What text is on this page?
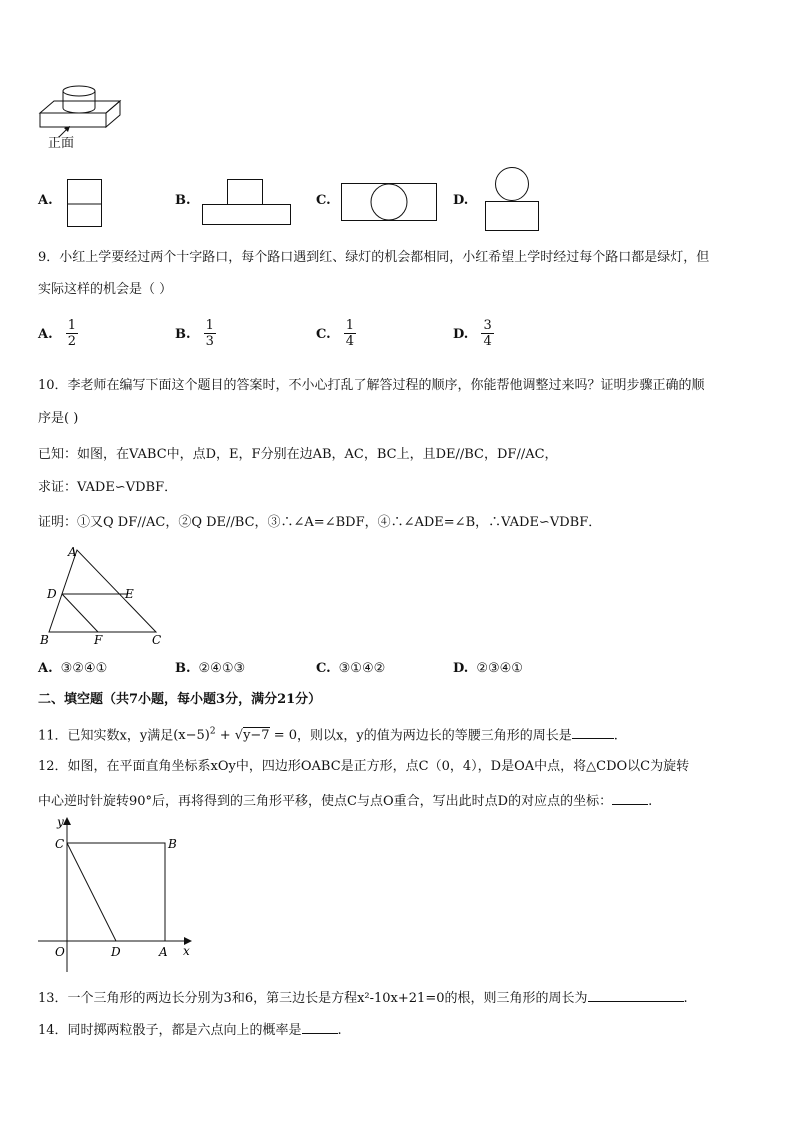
正面
A.	B.	C.	D.
9．小红上学要经过两个十字路口，每个路口遇到红、绿灯的机会都相同，小红希望上学时经过每个路口都是绿灯，但
实际这样的机会是（ ）
A. $\frac{1}{2}$	B. $\frac{1}{3}$	C. $\frac{1}{4}$	D. $\frac{3}{4}$
10．李老师在编写下面这个题目的答案时，不小心打乱了解答过程的顺序，你能帮他调整过来吗？证明步骤正确的顺
序是( )
已知：如图，在VABC中，点D，E，F分别在边AB，AC，BC上，且DE//BC，DF//AC，
求证：VADE∽VDBF．
证明：①又Q DF//AC，②Q DE//BC，③∴∠A=∠BDF，④∴∠ADE=∠B，∴VADE∽VDBF．
A
D	E
B	F	C
A. ③②④①	B. ②④①③	C. ③①④②	D. ②③④①
二、填空题（共7小题，每小题3分，满分21分）
11．已知实数x，y满足$(x-5)^2 + √y-7 = 0$，则以x，y的值为两边长的等腰三角形的周长是	.
12．如图，在平面直角坐标系xOy中，四边形OABC是正方形，点C（0，4），D是OA中点，将△CDO以C为旋转
中心逆时针旋转90°后，再将得到的三角形平移，使点C与点O重合，写出此时点D的对应点的坐标：	.
y
x
C	B
O	D	A
13．一个三角形的两边长分别为3和6，第三边长是方程x²-10x+21=0的根，则三角形的周长为	.
14．同时掷两粒骰子，都是六点向上的概率是	.
